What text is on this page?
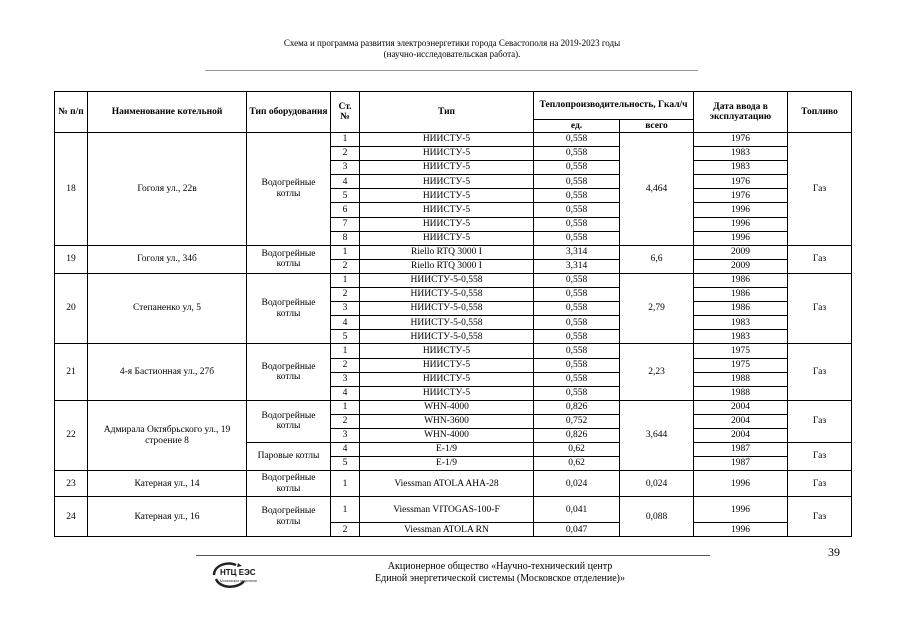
Схема и программа развития электроэнергетики города Севастополя на 2019-2023 годы
(научно-исследовательская работа).
№ п/п	Наименование котельной	Тип оборудования	Ст. №	Тип	Теплопроизводительность, Гкал/ч		Дата ввода в эксплуатацию	Топливо
					ед.	всего		
18	Гоголя ул., 22в	Водогрейные котлы	1	НИИСТУ-5	0,558	4,464	1976	Газ
			2	НИИСТУ-5	0,558		1983	
			3	НИИСТУ-5	0,558		1983	
			4	НИИСТУ-5	0,558		1976	
			5	НИИСТУ-5	0,558		1976	
			6	НИИСТУ-5	0,558		1996	
			7	НИИСТУ-5	0,558		1996	
			8	НИИСТУ-5	0,558		1996	
19	Гоголя ул., 34б	Водогрейные котлы	1	Riello RTQ 3000 I	3,314	6,6	2009	Газ
			2	Riello RTQ 3000 I	3,314		2009	
20	Степаненко ул, 5	Водогрейные котлы	1	НИИСТУ-5-0,558	0,558	2,79	1986	Газ
			2	НИИСТУ-5-0,558	0,558		1986	
			3	НИИСТУ-5-0,558	0,558		1986	
			4	НИИСТУ-5-0,558	0,558		1983	
			5	НИИСТУ-5-0,558	0,558		1983	
21	4-я Бастионная ул., 27б	Водогрейные котлы	1	НИИСТУ-5	0,558	2,23	1975	Газ
			2	НИИСТУ-5	0,558		1975	
			3	НИИСТУ-5	0,558		1988	
			4	НИИСТУ-5	0,558		1988	
22	Адмирала Октябрьского ул., 19 строение 8	Водогрейные котлы	1	WHN-4000	0,826	3,644	2004	Газ
			2	WHN-3600	0,752		2004	
			3	WHN-4000	0,826		2004	
		Паровые котлы	4	E-1/9	0,62		1987	Газ
			5	E-1/9	0,62		1987	
23	Катерная ул., 14	Водогрейные котлы	1	Viessman ATOLA AHA-28	0,024	0,024	1996	Газ
24	Катерная ул., 16	Водогрейные котлы	1	Viessman VITOGAS-100-F	0,041	0,088	1996	Газ
			2	Viessman ATOLA RN	0,047		1996	
39
НТЦ ЕЭС
Московское отделение
Акционерное общество «Научно-технический центр
Единой энергетической системы (Московское отделение)»
